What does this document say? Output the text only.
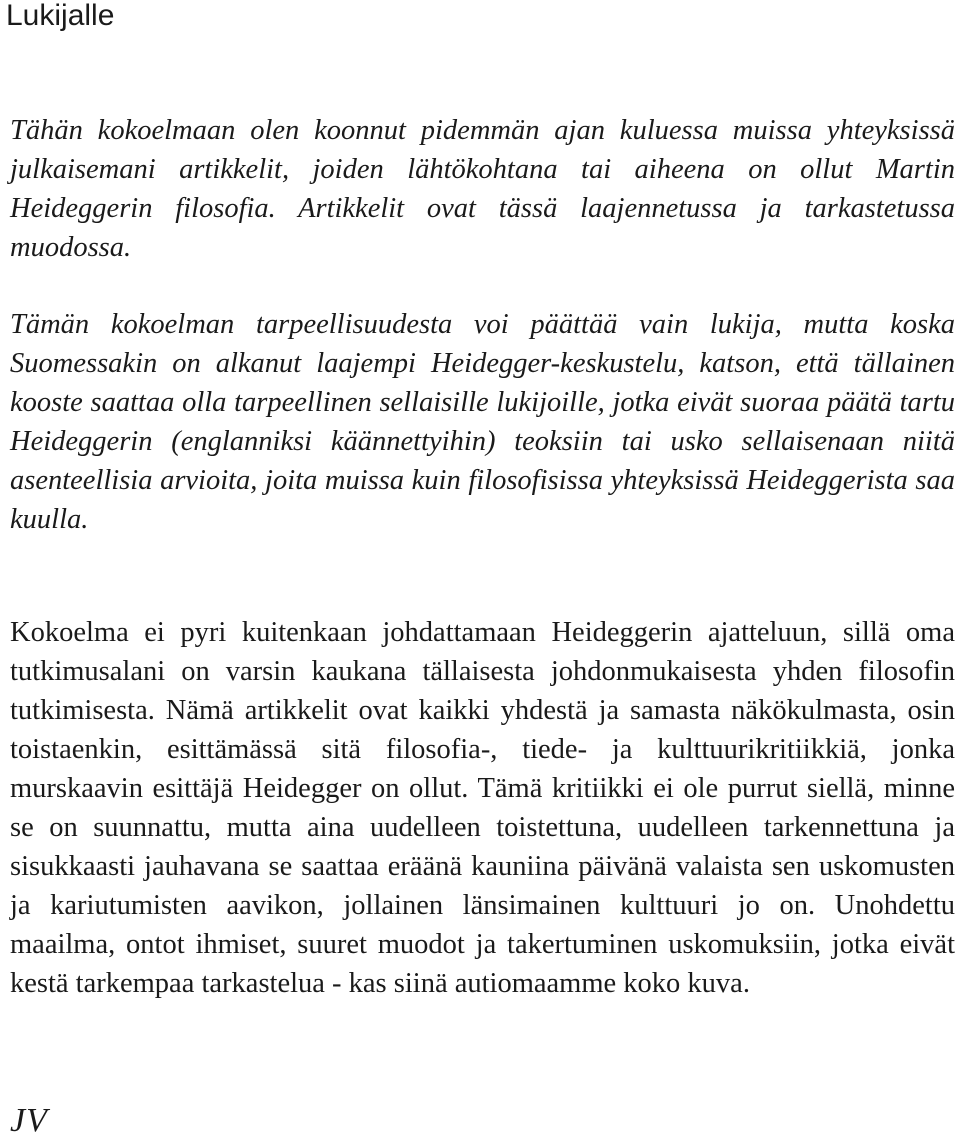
Lukijalle

Tähän kokoelmaan olen koonnut pidemmän ajan kuluessa muissa yhteyksissä julkaisemani artikkelit, joiden lähtökohtana tai aiheena on ollut Martin Heideggerin filosofia. Artikkelit ovat tässä laajennetussa ja tarkastetussa muodossa.

Tämän kokoelman tarpeellisuudesta voi päättää vain lukija, mutta koska Suomessakin on alkanut laajempi Heidegger-keskustelu, katson, että tällainen kooste saattaa olla tarpeellinen sellaisille lukijoille, jotka eivät suoraa päätä tartu Heideggerin (englanniksi käännettyihin) teoksiin tai usko sellaisenaan niitä asenteellisia arvioita, joita muissa kuin filosofisissa yhteyksissä Heideggerista saa kuulla.

Kokoelma ei pyri kuitenkaan johdattamaan Heideggerin ajatteluun, sillä oma tutkimusalani on varsin kaukana tällaisesta johdonmukaisesta yhden filosofin tutkimisesta. Nämä artikkelit ovat kaikki yhdestä ja samasta näkökulmasta, osin toistaenkin, esittämässä sitä filosofia-, tiede- ja kulttuurikritiikkiä, jonka murskaavin esittäjä Heidegger on ollut. Tämä kritiikki ei ole purrut siellä, minne se on suunnattu, mutta aina uudelleen toistettuna, uudelleen tarkennettuna ja sisukkaasti jauhavana se saattaa eräänä kauniina päivänä valaista sen uskomusten ja kariutumisten aavikon, jollainen länsimainen kulttuuri jo on. Unohdettu maailma, ontot ihmiset, suuret muodot ja takertuminen uskomuksiin, jotka eivät kestä tarkempaa tarkastelua - kas siinä autiomaamme koko kuva.

JV
